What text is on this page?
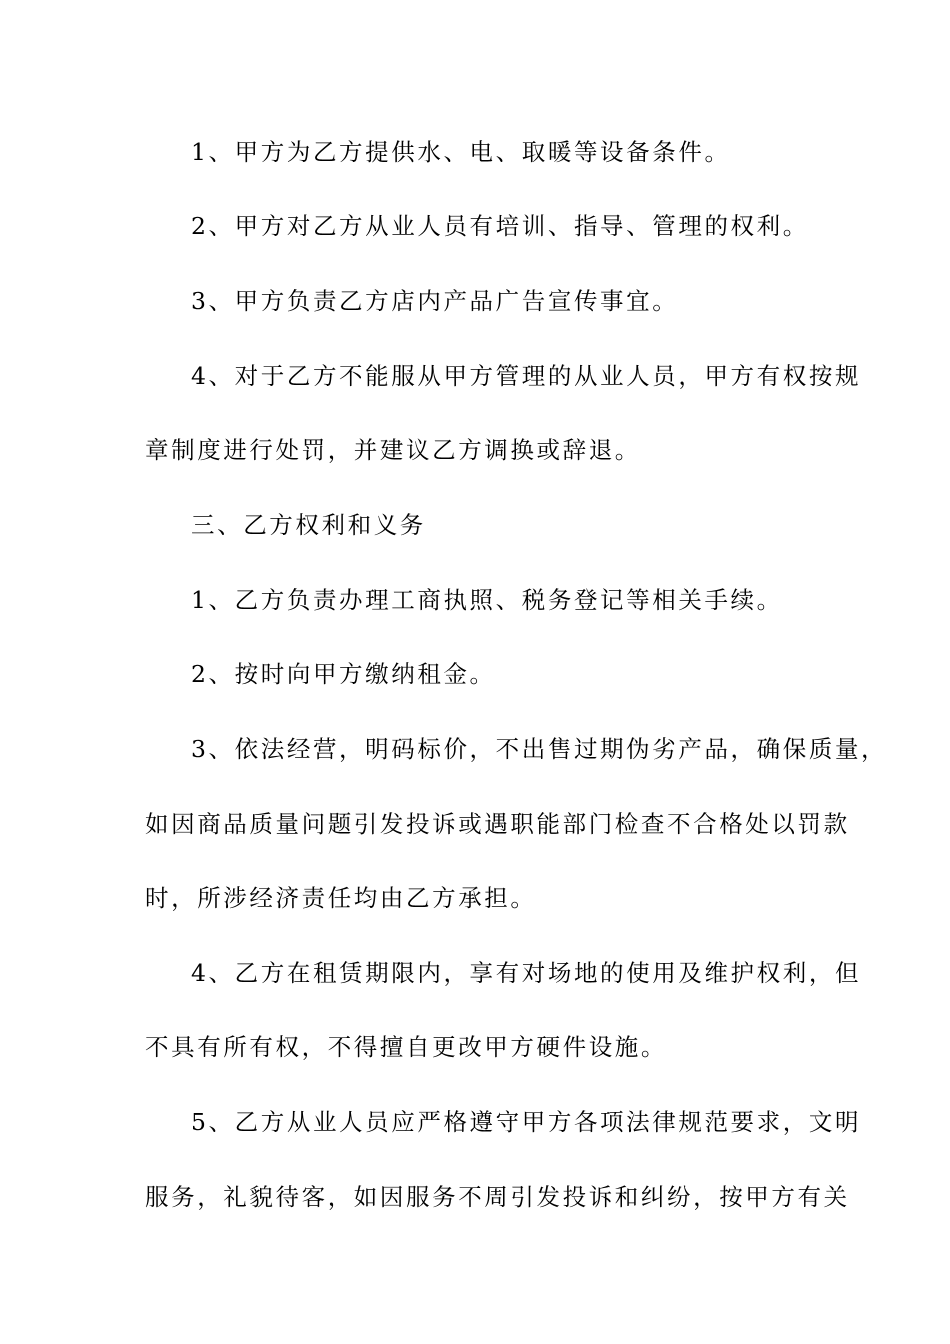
1、甲方为乙方提供水、电、取暖等设备条件。
2、甲方对乙方从业人员有培训、指导、管理的权利。
3、甲方负责乙方店内产品广告宣传事宜。
4、对于乙方不能服从甲方管理的从业人员，甲方有权按规
章制度进行处罚，并建议乙方调换或辞退。
三、乙方权利和义务
1、乙方负责办理工商执照、税务登记等相关手续。
2、按时向甲方缴纳租金。
3、依法经营，明码标价，不出售过期伪劣产品，确保质量，
如因商品质量问题引发投诉或遇职能部门检查不合格处以罚款
时，所涉经济责任均由乙方承担。
4、乙方在租赁期限内，享有对场地的使用及维护权利，但
不具有所有权，不得擅自更改甲方硬件设施。
5、乙方从业人员应严格遵守甲方各项法律规范要求，文明
服务，礼貌待客，如因服务不周引发投诉和纠纷，按甲方有关
